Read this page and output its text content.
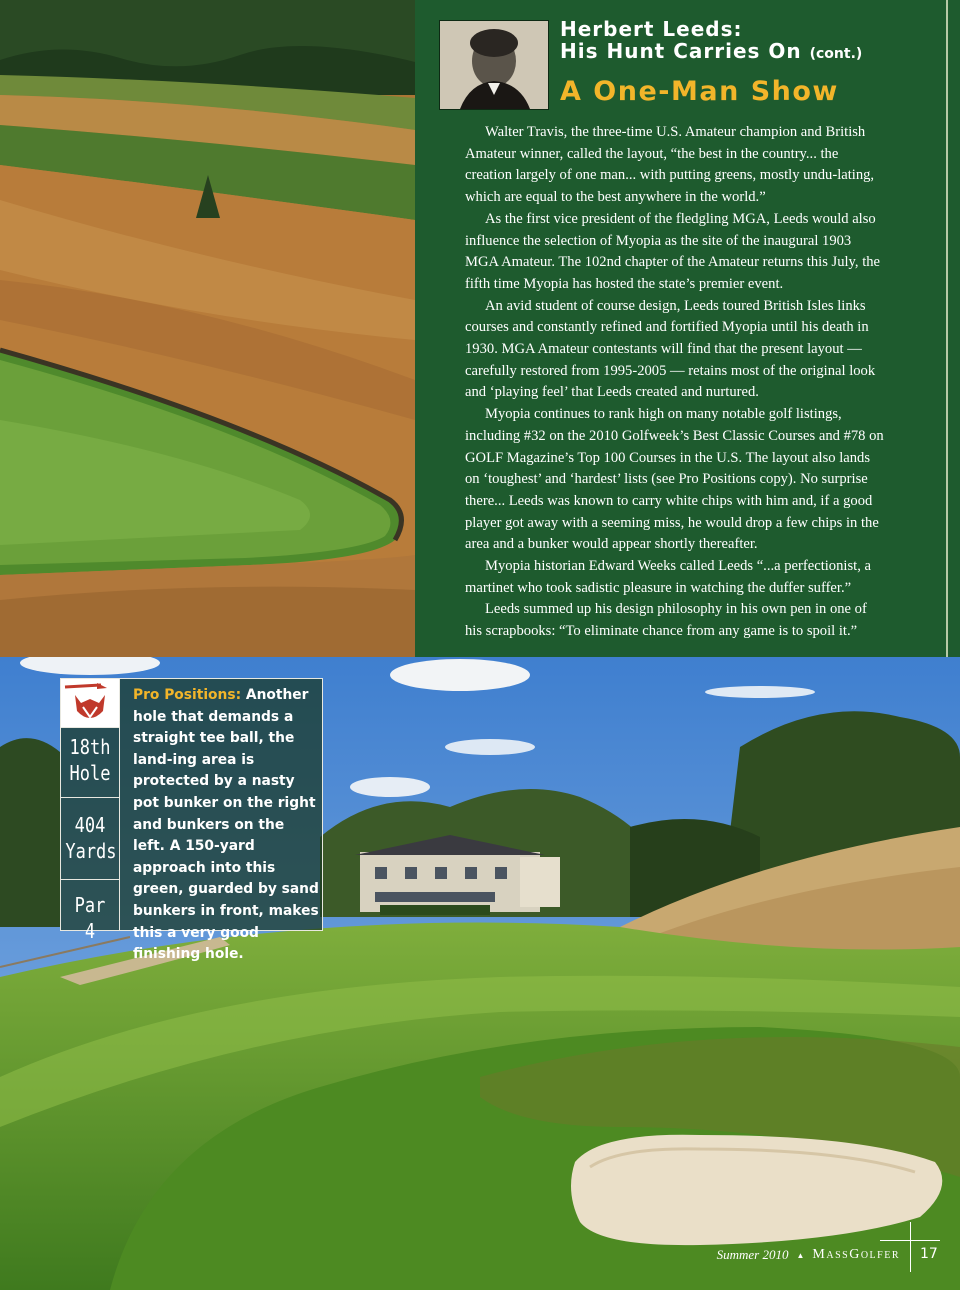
Herbert Leeds:
His Hunt Carries On (cont.)
A One-Man Show

Walter Travis, the three-time U.S. Amateur champion and British Amateur winner, called the layout, “the best in the country... the creation largely of one man... with putting greens, mostly undu-lating, which are equal to the best anywhere in the world.”

As the first vice president of the fledgling MGA, Leeds would also influence the selection of Myopia as the site of the inaugural 1903 MGA Amateur. The 102nd chapter of the Amateur returns this July, the fifth time Myopia has hosted the state’s premier event.

An avid student of course design, Leeds toured British Isles links courses and constantly refined and fortified Myopia until his death in 1930. MGA Amateur contestants will find that the present layout — carefully restored from 1995-2005 — retains most of the original look and ‘playing feel’ that Leeds created and nurtured.

Myopia continues to rank high on many notable golf listings, including #32 on the 2010 Golfweek’s Best Classic Courses and #78 on GOLF Magazine’s Top 100 Courses in the U.S. The layout also lands on ‘toughest’ and ‘hardest’ lists (see Pro Positions copy). No surprise there... Leeds was known to carry white chips with him and, if a good player got away with a seeming miss, he would drop a few chips in the area and a bunker would appear shortly thereafter.

Myopia historian Edward Weeks called Leeds “...a perfectionist, a martinet who took sadistic pleasure in watching the duffer suffer.”

Leeds summed up his design philosophy in his own pen in one of his scrapbooks: “To eliminate chance from any game is to spoil it.”

18th
Hole
404
Yards
Par 4
Pro Positions: Another hole that demands a straight tee ball, the land-ing area is protected by a nasty pot bunker on the right and bunkers on the left. A 150-yard approach into this green, guarded by sand bunkers in front, makes this a very good finishing hole.
Summer 2010 ▲ MassGolfer 17
